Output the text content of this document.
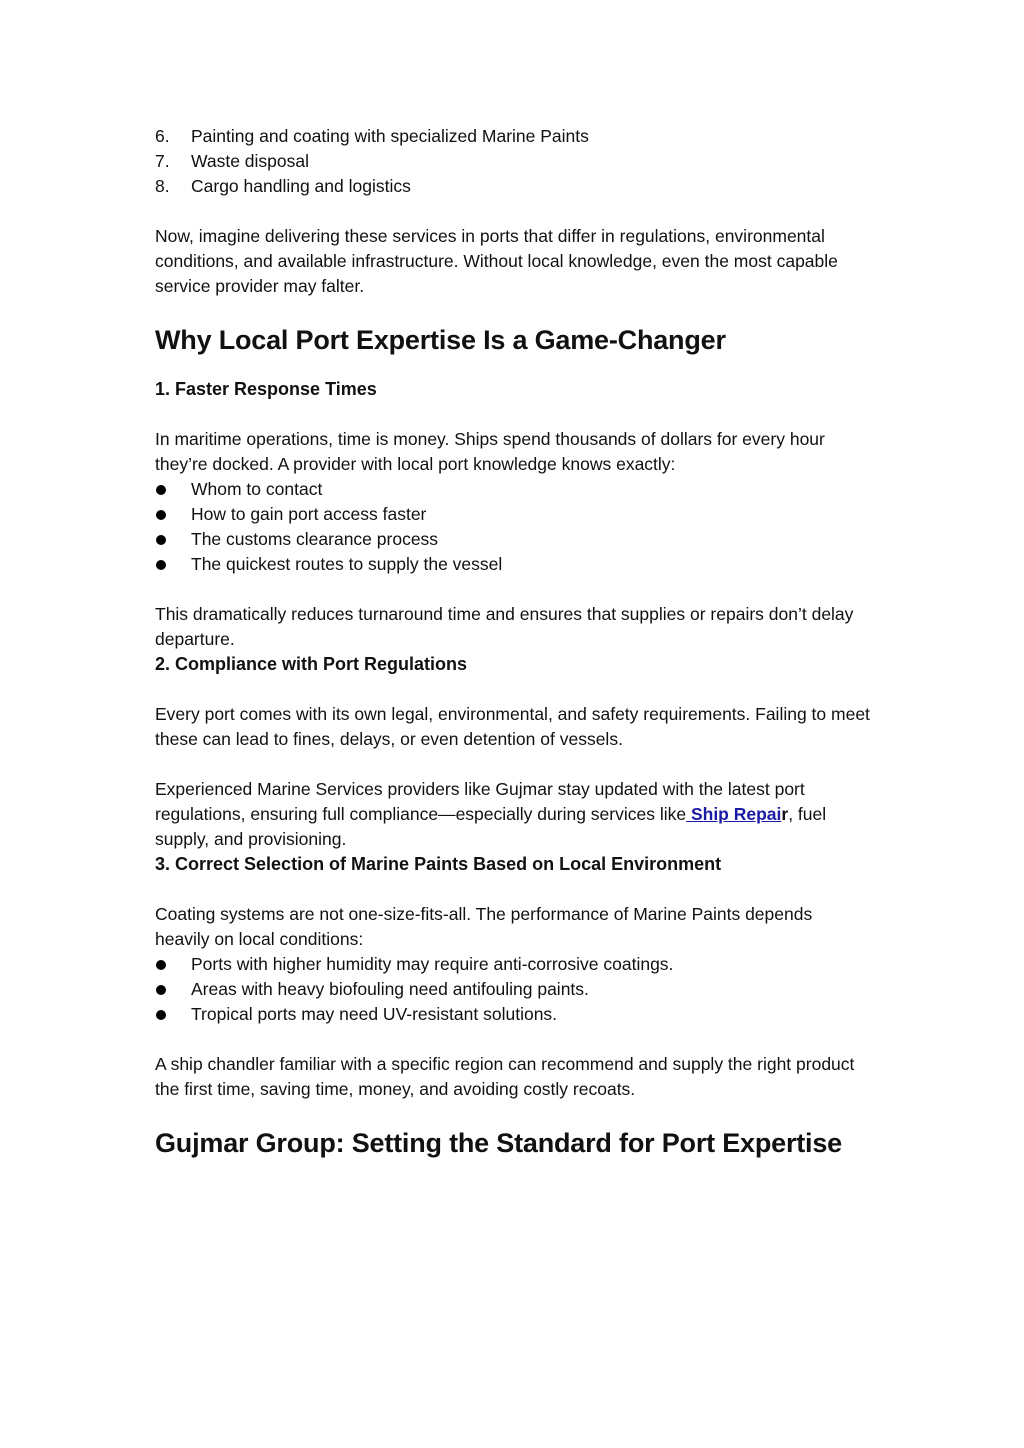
6. Painting and coating with specialized Marine Paints
7. Waste disposal
8. Cargo handling and logistics

Now, imagine delivering these services in ports that differ in regulations, environmental conditions, and available infrastructure. Without local knowledge, even the most capable service provider may falter.

Why Local Port Expertise Is a Game-Changer
1. Faster Response Times

In maritime operations, time is money. Ships spend thousands of dollars for every hour they’re docked. A provider with local port knowledge knows exactly:

Whom to contact
How to gain port access faster
The customs clearance process
The quickest routes to supply the vessel

This dramatically reduces turnaround time and ensures that supplies or repairs don’t delay departure.

2. Compliance with Port Regulations

Every port comes with its own legal, environmental, and safety requirements. Failing to meet these can lead to fines, delays, or even detention of vessels.

Experienced Marine Services providers like Gujmar stay updated with the latest port regulations, ensuring full compliance—especially during services like Ship Repair, fuel supply, and provisioning.

3. Correct Selection of Marine Paints Based on Local Environment

Coating systems are not one-size-fits-all. The performance of Marine Paints depends heavily on local conditions:

Ports with higher humidity may require anti-corrosive coatings.
Areas with heavy biofouling need antifouling paints.
Tropical ports may need UV-resistant solutions.

A ship chandler familiar with a specific region can recommend and supply the right product the first time, saving time, money, and avoiding costly recoats.

Gujmar Group: Setting the Standard for Port Expertise
